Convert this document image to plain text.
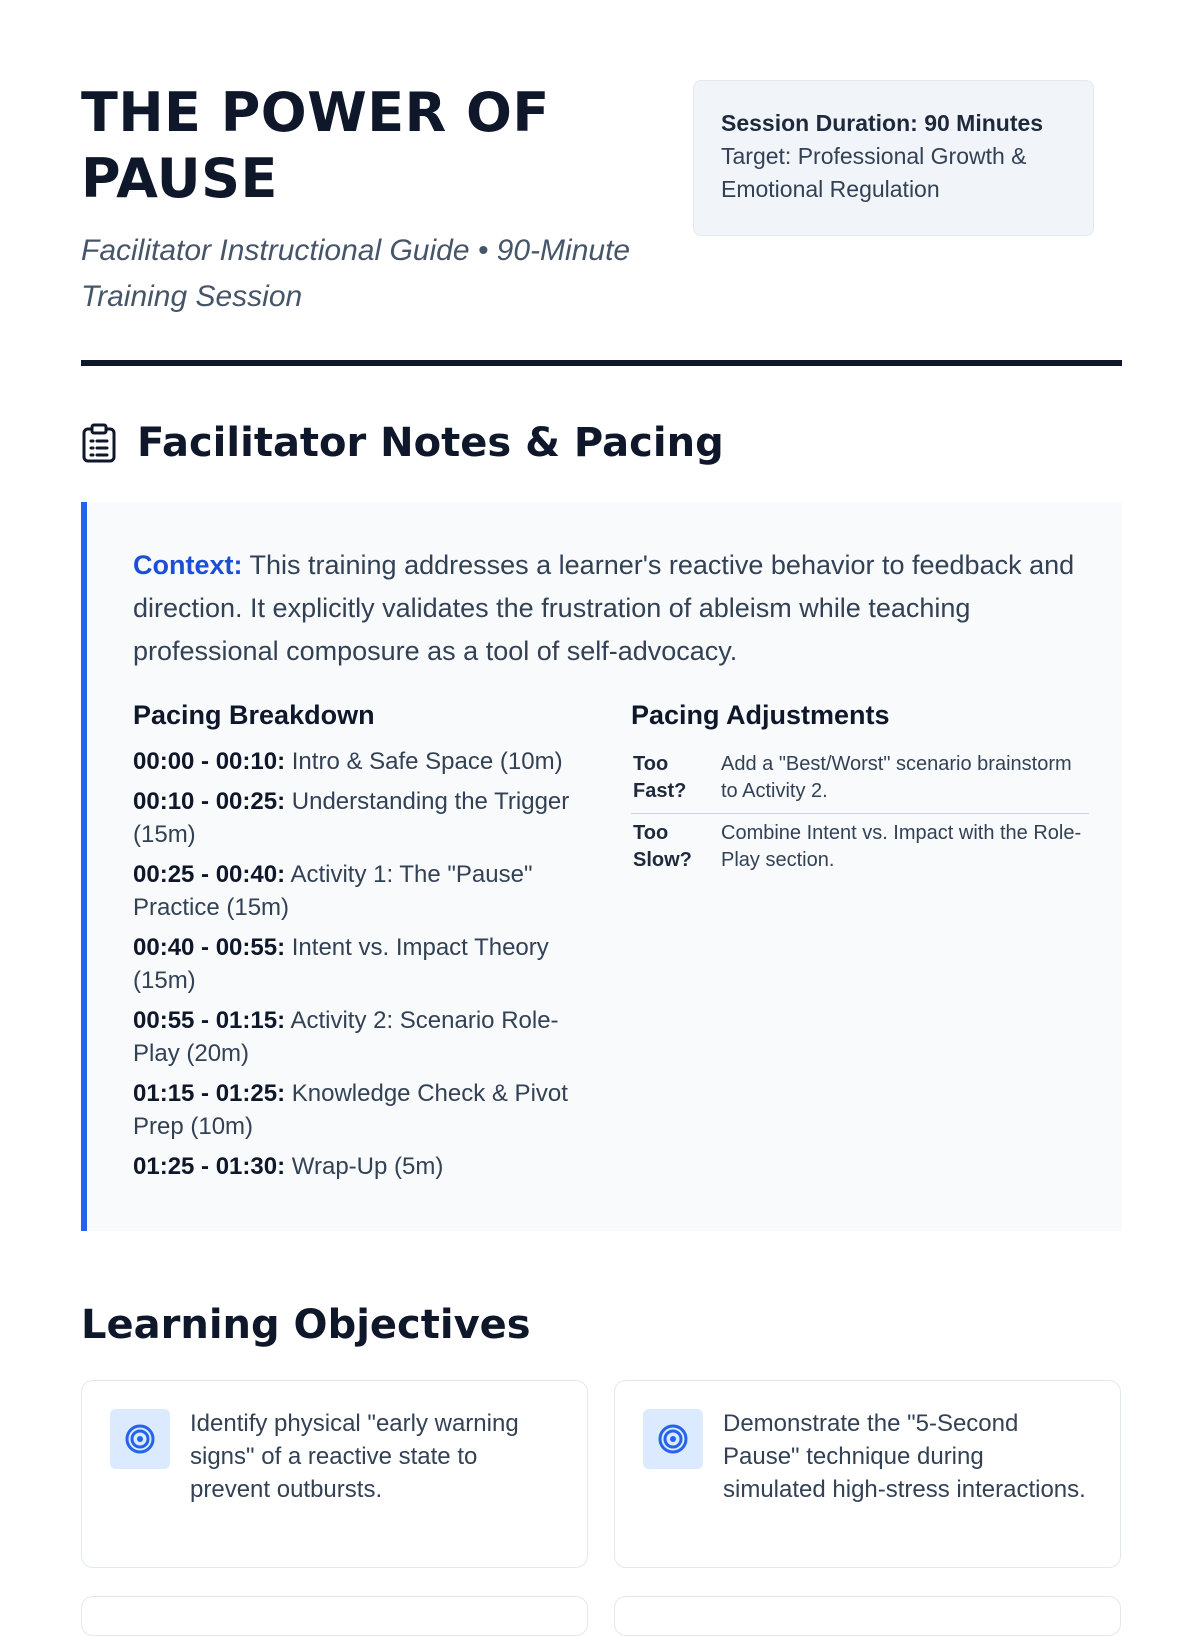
THE POWER OF PAUSE

Facilitator Instructional Guide • 90-Minute Training Session

Session Duration: 90 Minutes
Target: Professional Growth & Emotional Regulation
Facilitator Notes & Pacing

Context: This training addresses a learner's reactive behavior to feedback and direction. It explicitly validates the frustration of ableism while teaching professional composure as a tool of self-advocacy.

Pacing Breakdown
00:00 - 00:10: Intro & Safe Space (10m)
00:10 - 00:25: Understanding the Trigger (15m)
00:25 - 00:40: Activity 1: The "Pause" Practice (15m)
00:40 - 00:55: Intent vs. Impact Theory (15m)
00:55 - 01:15: Activity 2: Scenario Role-Play (20m)
01:15 - 01:25: Knowledge Check & Pivot Prep (10m)
01:25 - 01:30: Wrap-Up (5m)
Pacing Adjustments
Too Fast?	Add a "Best/Worst" scenario brainstorm to Activity 2.
Too Slow?	Combine Intent vs. Impact with the Role-Play section.
Learning Objectives

Identify physical "early warning signs" of a reactive state to prevent outbursts.

Demonstrate the "5-Second Pause" technique during simulated high-stress interactions.
